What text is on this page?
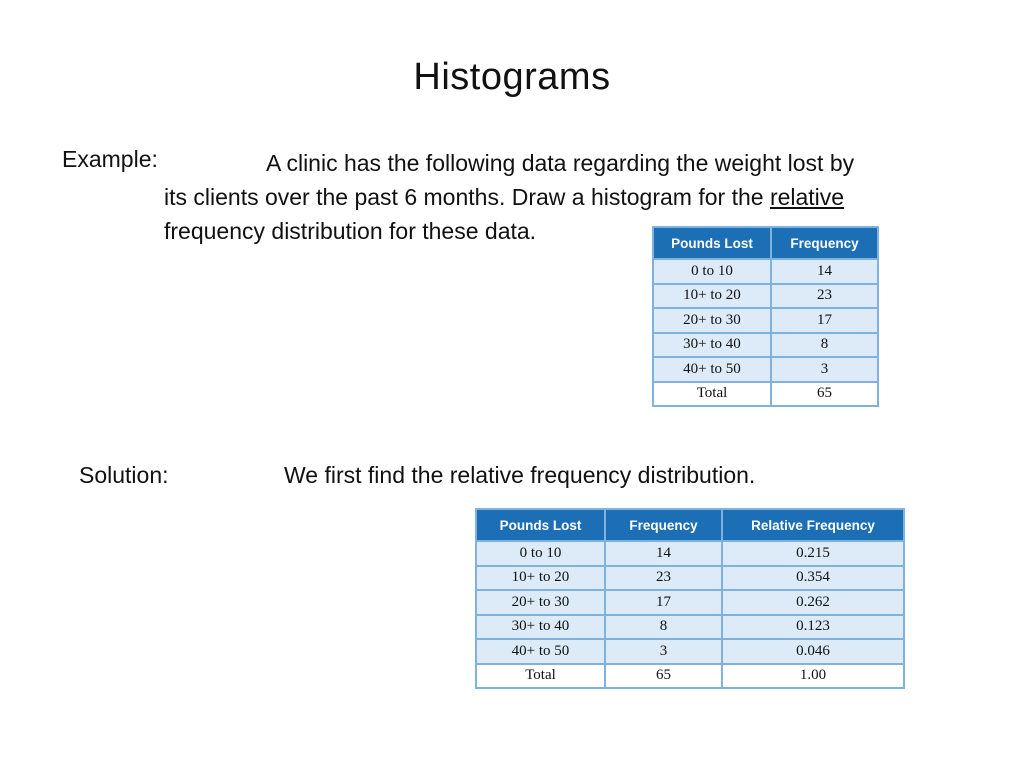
Histograms
Example:	A clinic has the following data regarding the weight lost by
its clients over the past 6 months. Draw a histogram for the relative
frequency distribution for these data.	Pounds Lost	Frequency
0 to 10	14
10+ to 20	23
20+ to 30	17
30+ to 40	8
40+ to 50	3
Total	65
Solution:	We first find the relative frequency distribution.
Pounds Lost	Frequency	Relative Frequency
0 to 10	14	0.215
10+ to 20	23	0.354
20+ to 30	17	0.262
30+ to 40	8	0.123
40+ to 50	3	0.046
Total	65	1.00
